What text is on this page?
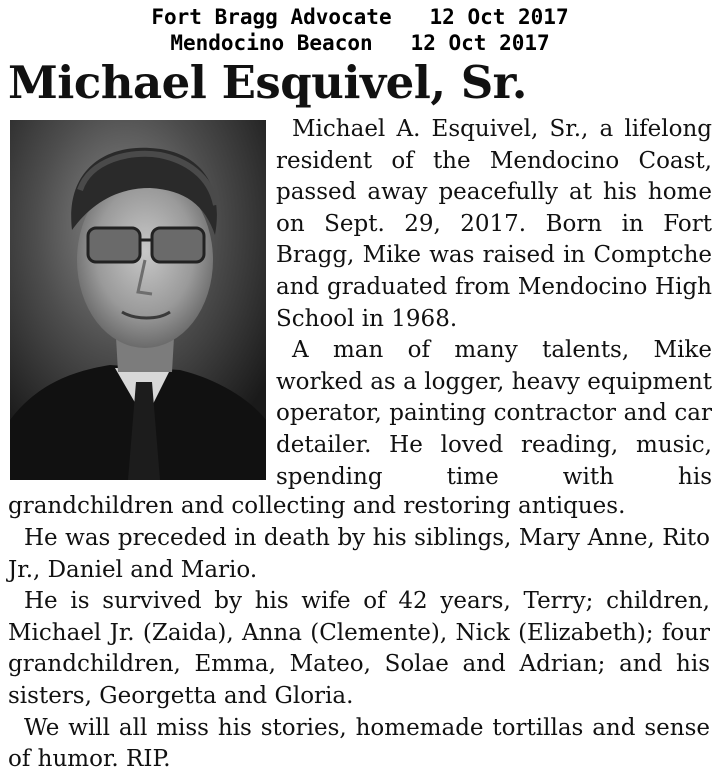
Fort Bragg Advocate   12 Oct 2017
Mendocino Beacon   12 Oct 2017
Michael Esquivel, Sr.

Michael A. Esquivel, Sr., a lifelong resident of the Mendocino Coast, passed away peacefully at his home on Sept. 29, 2017. Born in Fort Bragg, Mike was raised in Comptche and graduated from Mendocino High School in 1968.

A man of many talents, Mike worked as a logger, heavy equipment operator, painting contractor and car detailer. He loved reading, music, spending time with his

grandchildren and collecting and restoring antiques.

He was preceded in death by his siblings, Mary Anne, Rito Jr., Daniel and Mario.

He is survived by his wife of 42 years, Terry; children, Michael Jr. (Zaida), Anna (Clemente), Nick (Elizabeth); four grandchildren, Emma, Mateo, Solae and Adrian; and his sisters, Georgetta and Gloria.

We will all miss his stories, homemade tortillas and sense of humor. RIP.
